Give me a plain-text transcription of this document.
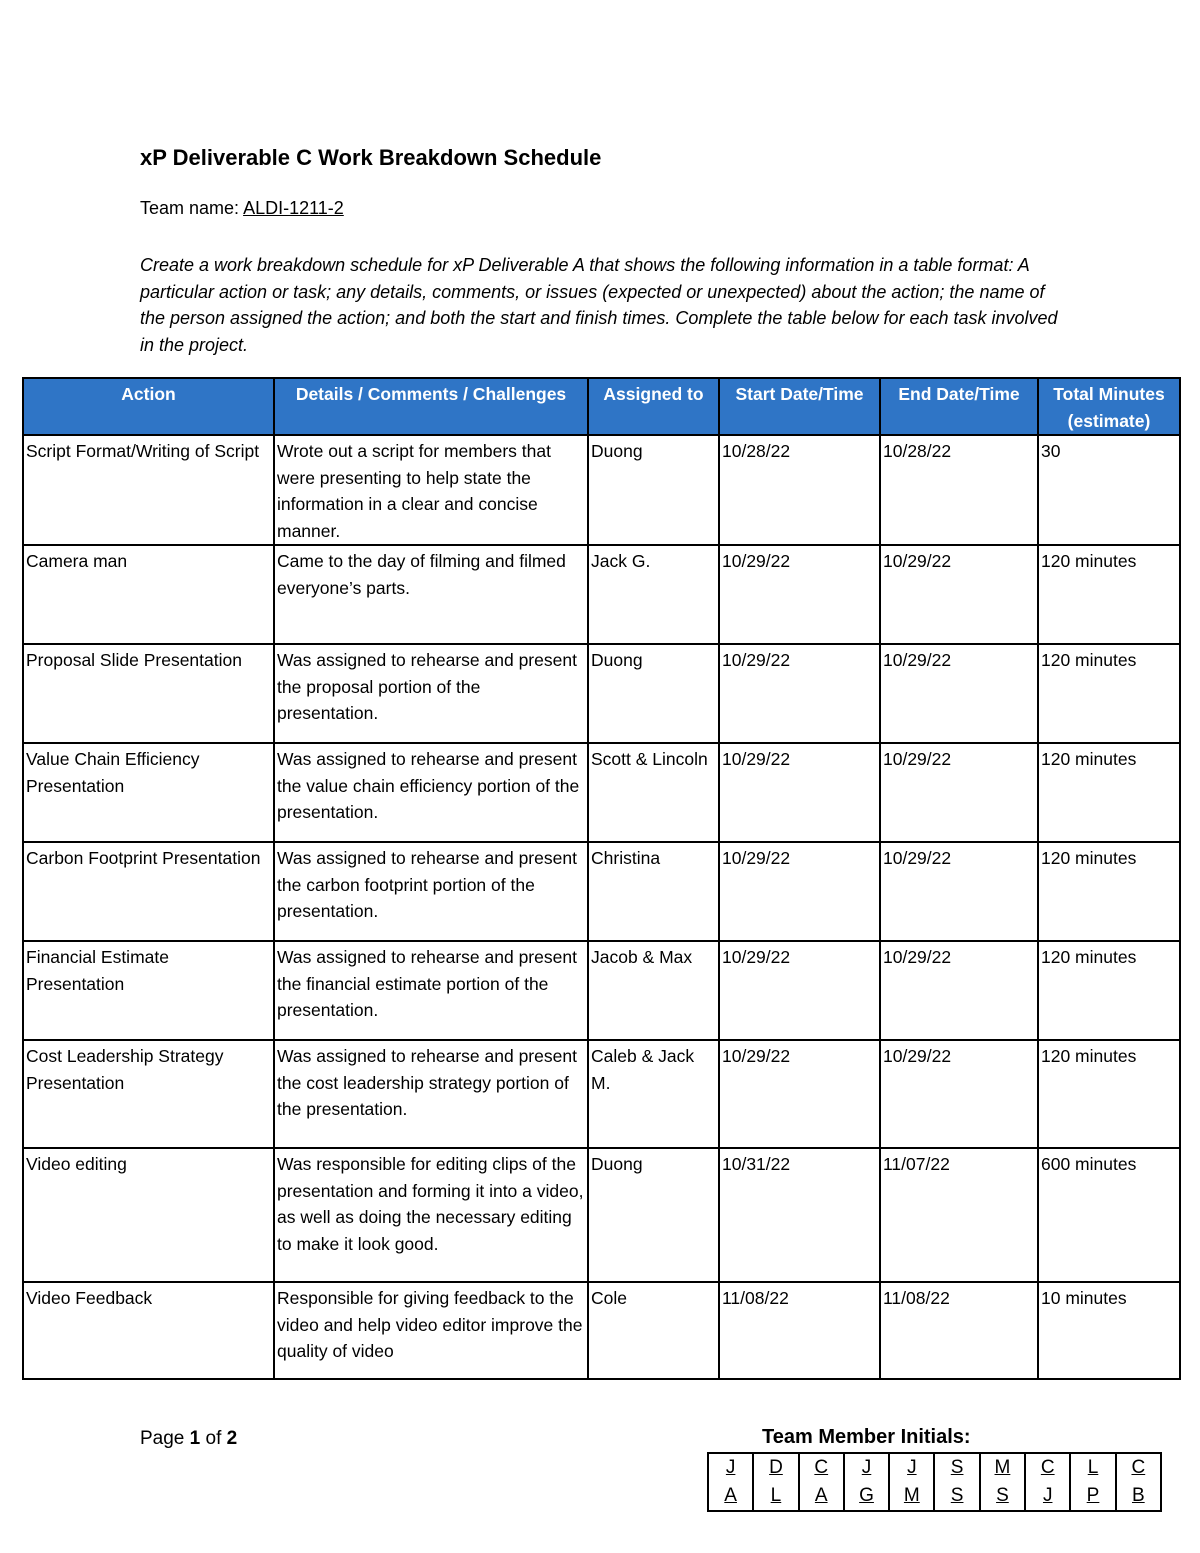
xP Deliverable C Work Breakdown Schedule
Team name: ALDI-1211-2

Create a work breakdown schedule for xP Deliverable A that shows the following information in a table format: A particular action or task; any details, comments, or issues (expected or unexpected) about the action; the name of the person assigned the action; and both the start and finish times. Complete the table below for each task involved in the project.

Action	Details / Comments / Challenges	Assigned to	Start Date/Time	End Date/Time	Total Minutes (estimate)
Script Format/Writing of Script	Wrote out a script for members that were presenting to help state the information in a clear and concise manner.	Duong	10/28/22	10/28/22	30
Camera man	Came to the day of filming and filmed everyone’s parts.	Jack G.	10/29/22	10/29/22	120 minutes
Proposal Slide Presentation	Was assigned to rehearse and present the proposal portion of the presentation.	Duong	10/29/22	10/29/22	120 minutes
Value Chain Efficiency Presentation	Was assigned to rehearse and present the value chain efficiency portion of the presentation.	Scott & Lincoln	10/29/22	10/29/22	120 minutes
Carbon Footprint Presentation	Was assigned to rehearse and present the carbon footprint portion of the presentation.	Christina	10/29/22	10/29/22	120 minutes
Financial Estimate Presentation	Was assigned to rehearse and present the financial estimate portion of the presentation.	Jacob & Max	10/29/22	10/29/22	120 minutes
Cost Leadership Strategy Presentation	Was assigned to rehearse and present the cost leadership strategy portion of the presentation.	Caleb & Jack M.	10/29/22	10/29/22	120 minutes
Video editing	Was responsible for editing clips of the presentation and forming it into a video, as well as doing the necessary editing to make it look good.	Duong	10/31/22	11/07/22	600 minutes
Video Feedback	Responsible for giving feedback to the video and help video editor improve the quality of video	Cole	11/08/22	11/08/22	10 minutes
Page 1 of 2	Team Member Initials:
J
A

D
L

C
A

J
G

J
M

S
S

M
S

C
J

L
P

C
B
